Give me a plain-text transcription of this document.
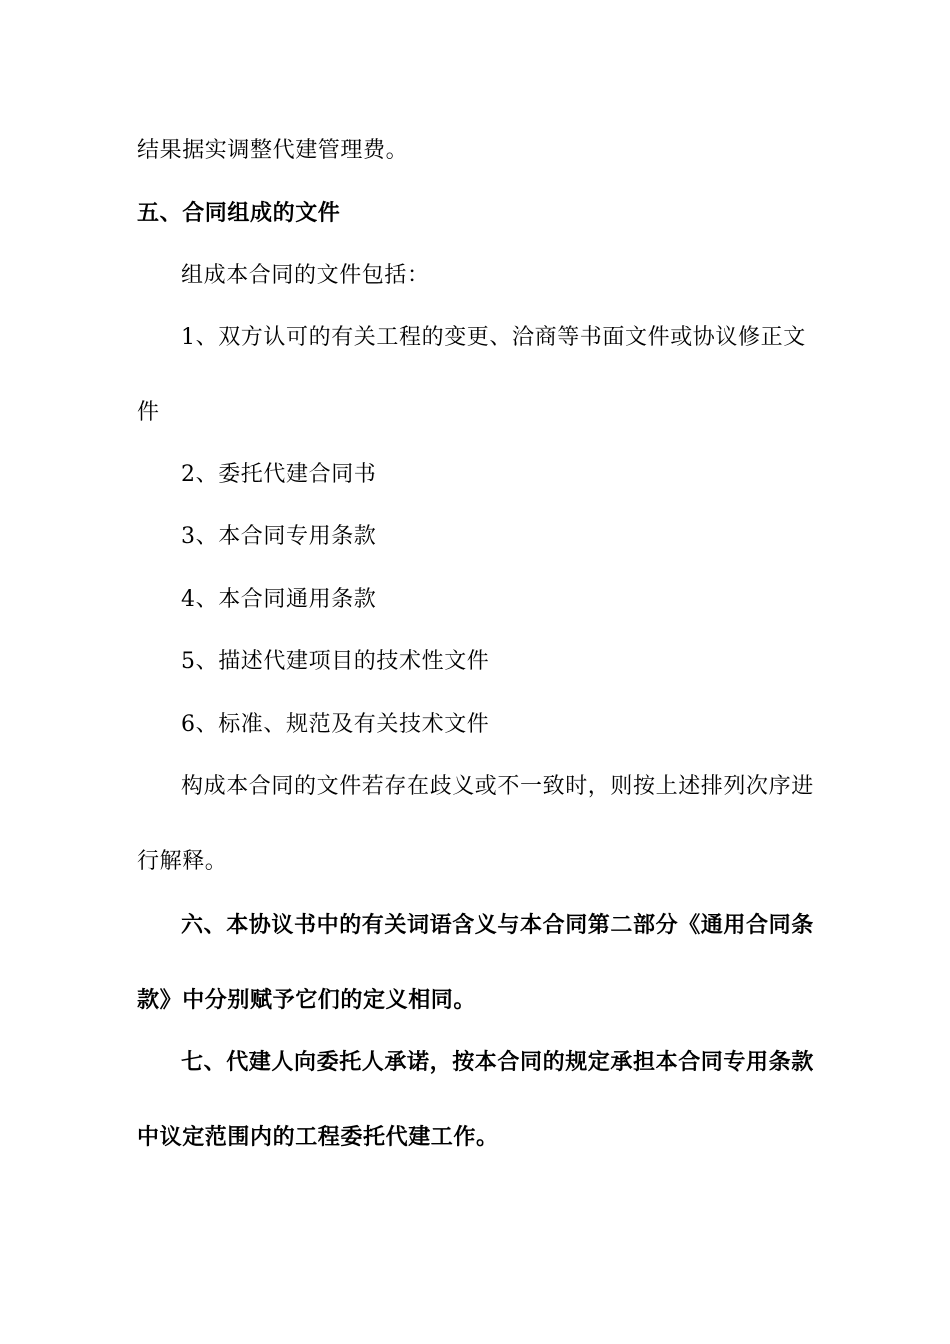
结果据实调整代建管理费。
五、合同组成的文件
组成本合同的文件包括：
1、双方认可的有关工程的变更、洽商等书面文件或协议修正文
件
2、委托代建合同书
3、本合同专用条款
4、本合同通用条款
5、描述代建项目的技术性文件
6、标准、规范及有关技术文件
构成本合同的文件若存在歧义或不一致时，则按上述排列次序进
行解释。
六、本协议书中的有关词语含义与本合同第二部分《通用合同条
款》中分别赋予它们的定义相同。
七、代建人向委托人承诺，按本合同的规定承担本合同专用条款
中议定范围内的工程委托代建工作。
